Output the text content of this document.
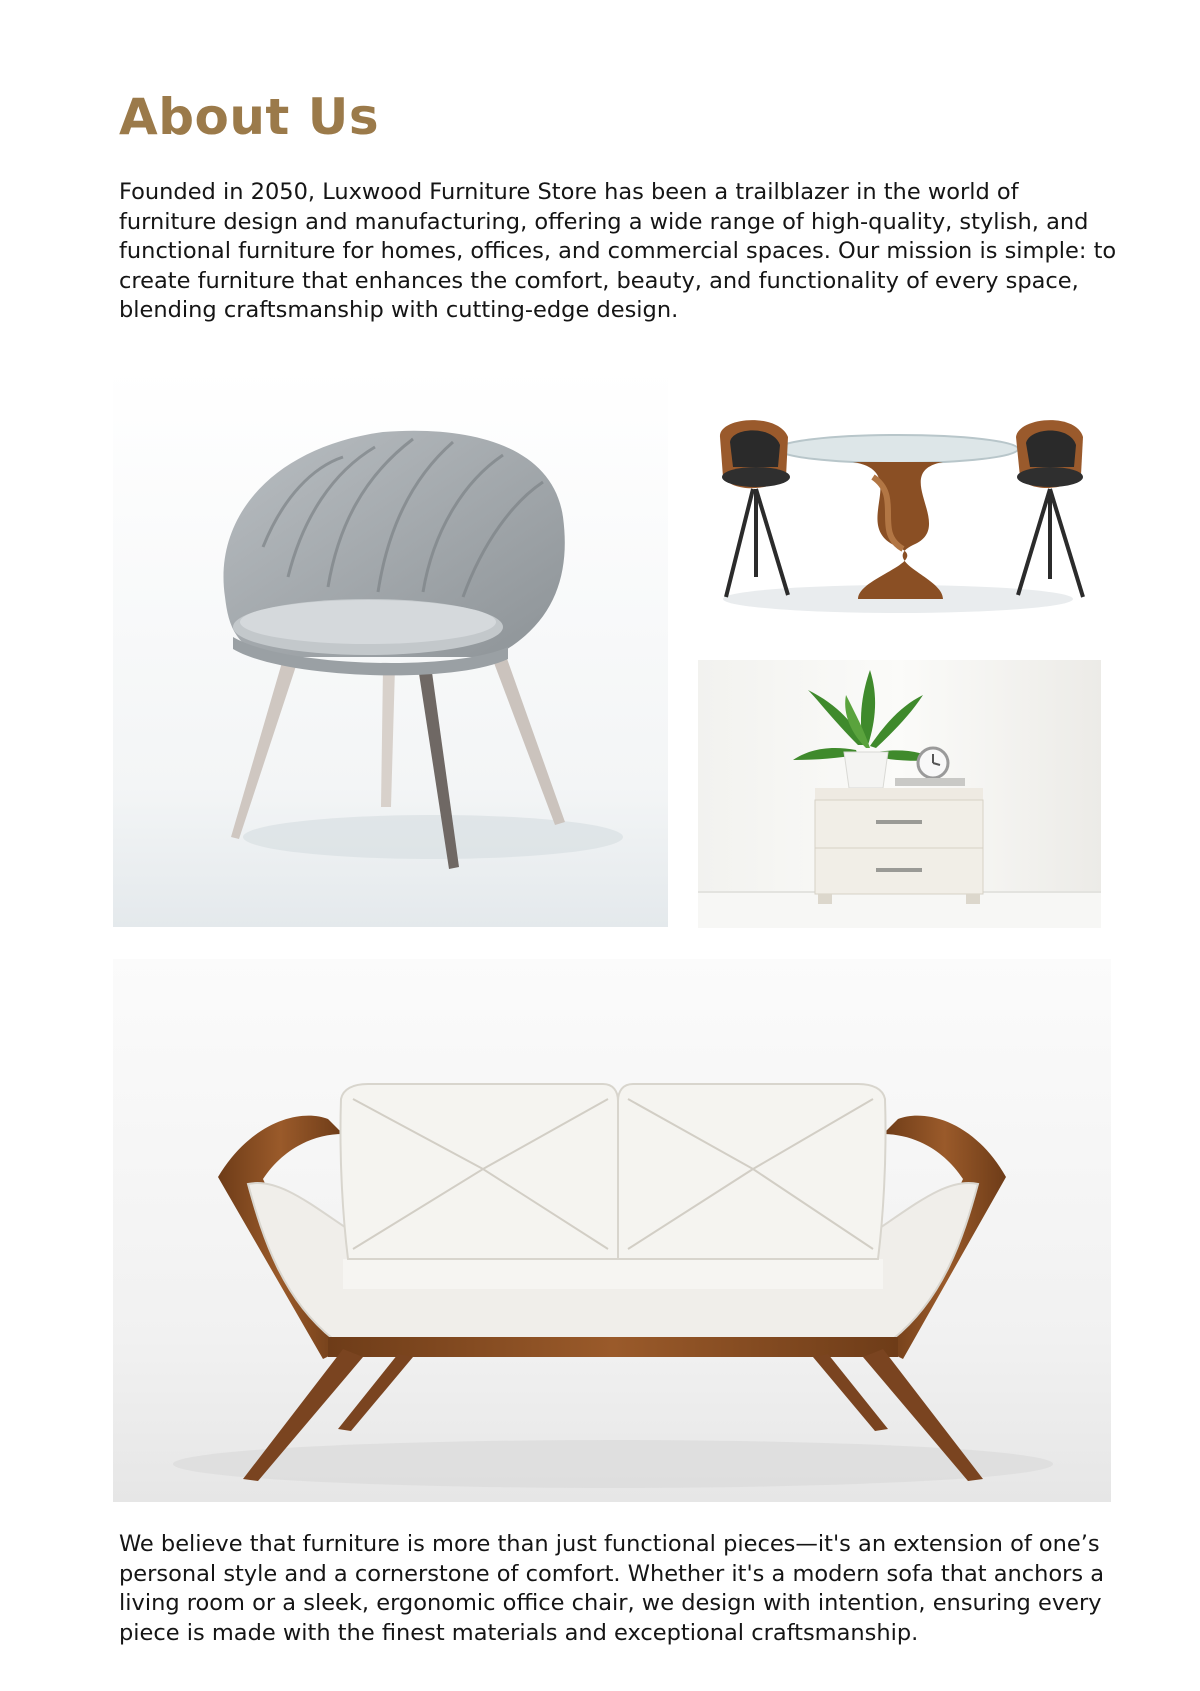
About Us

Founded in 2050, Luxwood Furniture Store has been a trailblazer in the world of furniture design and manufacturing, offering a wide range of high-quality, stylish, and functional furniture for homes, offices, and commercial spaces. Our mission is simple: to create furniture that enhances the comfort, beauty, and functionality of every space, blending craftsmanship with cutting-edge design.

We believe that furniture is more than just functional pieces—it's an extension of one’s personal style and a cornerstone of comfort. Whether it's a modern sofa that anchors a living room or a sleek, ergonomic office chair, we design with intention, ensuring every piece is made with the finest materials and exceptional craftsmanship.
